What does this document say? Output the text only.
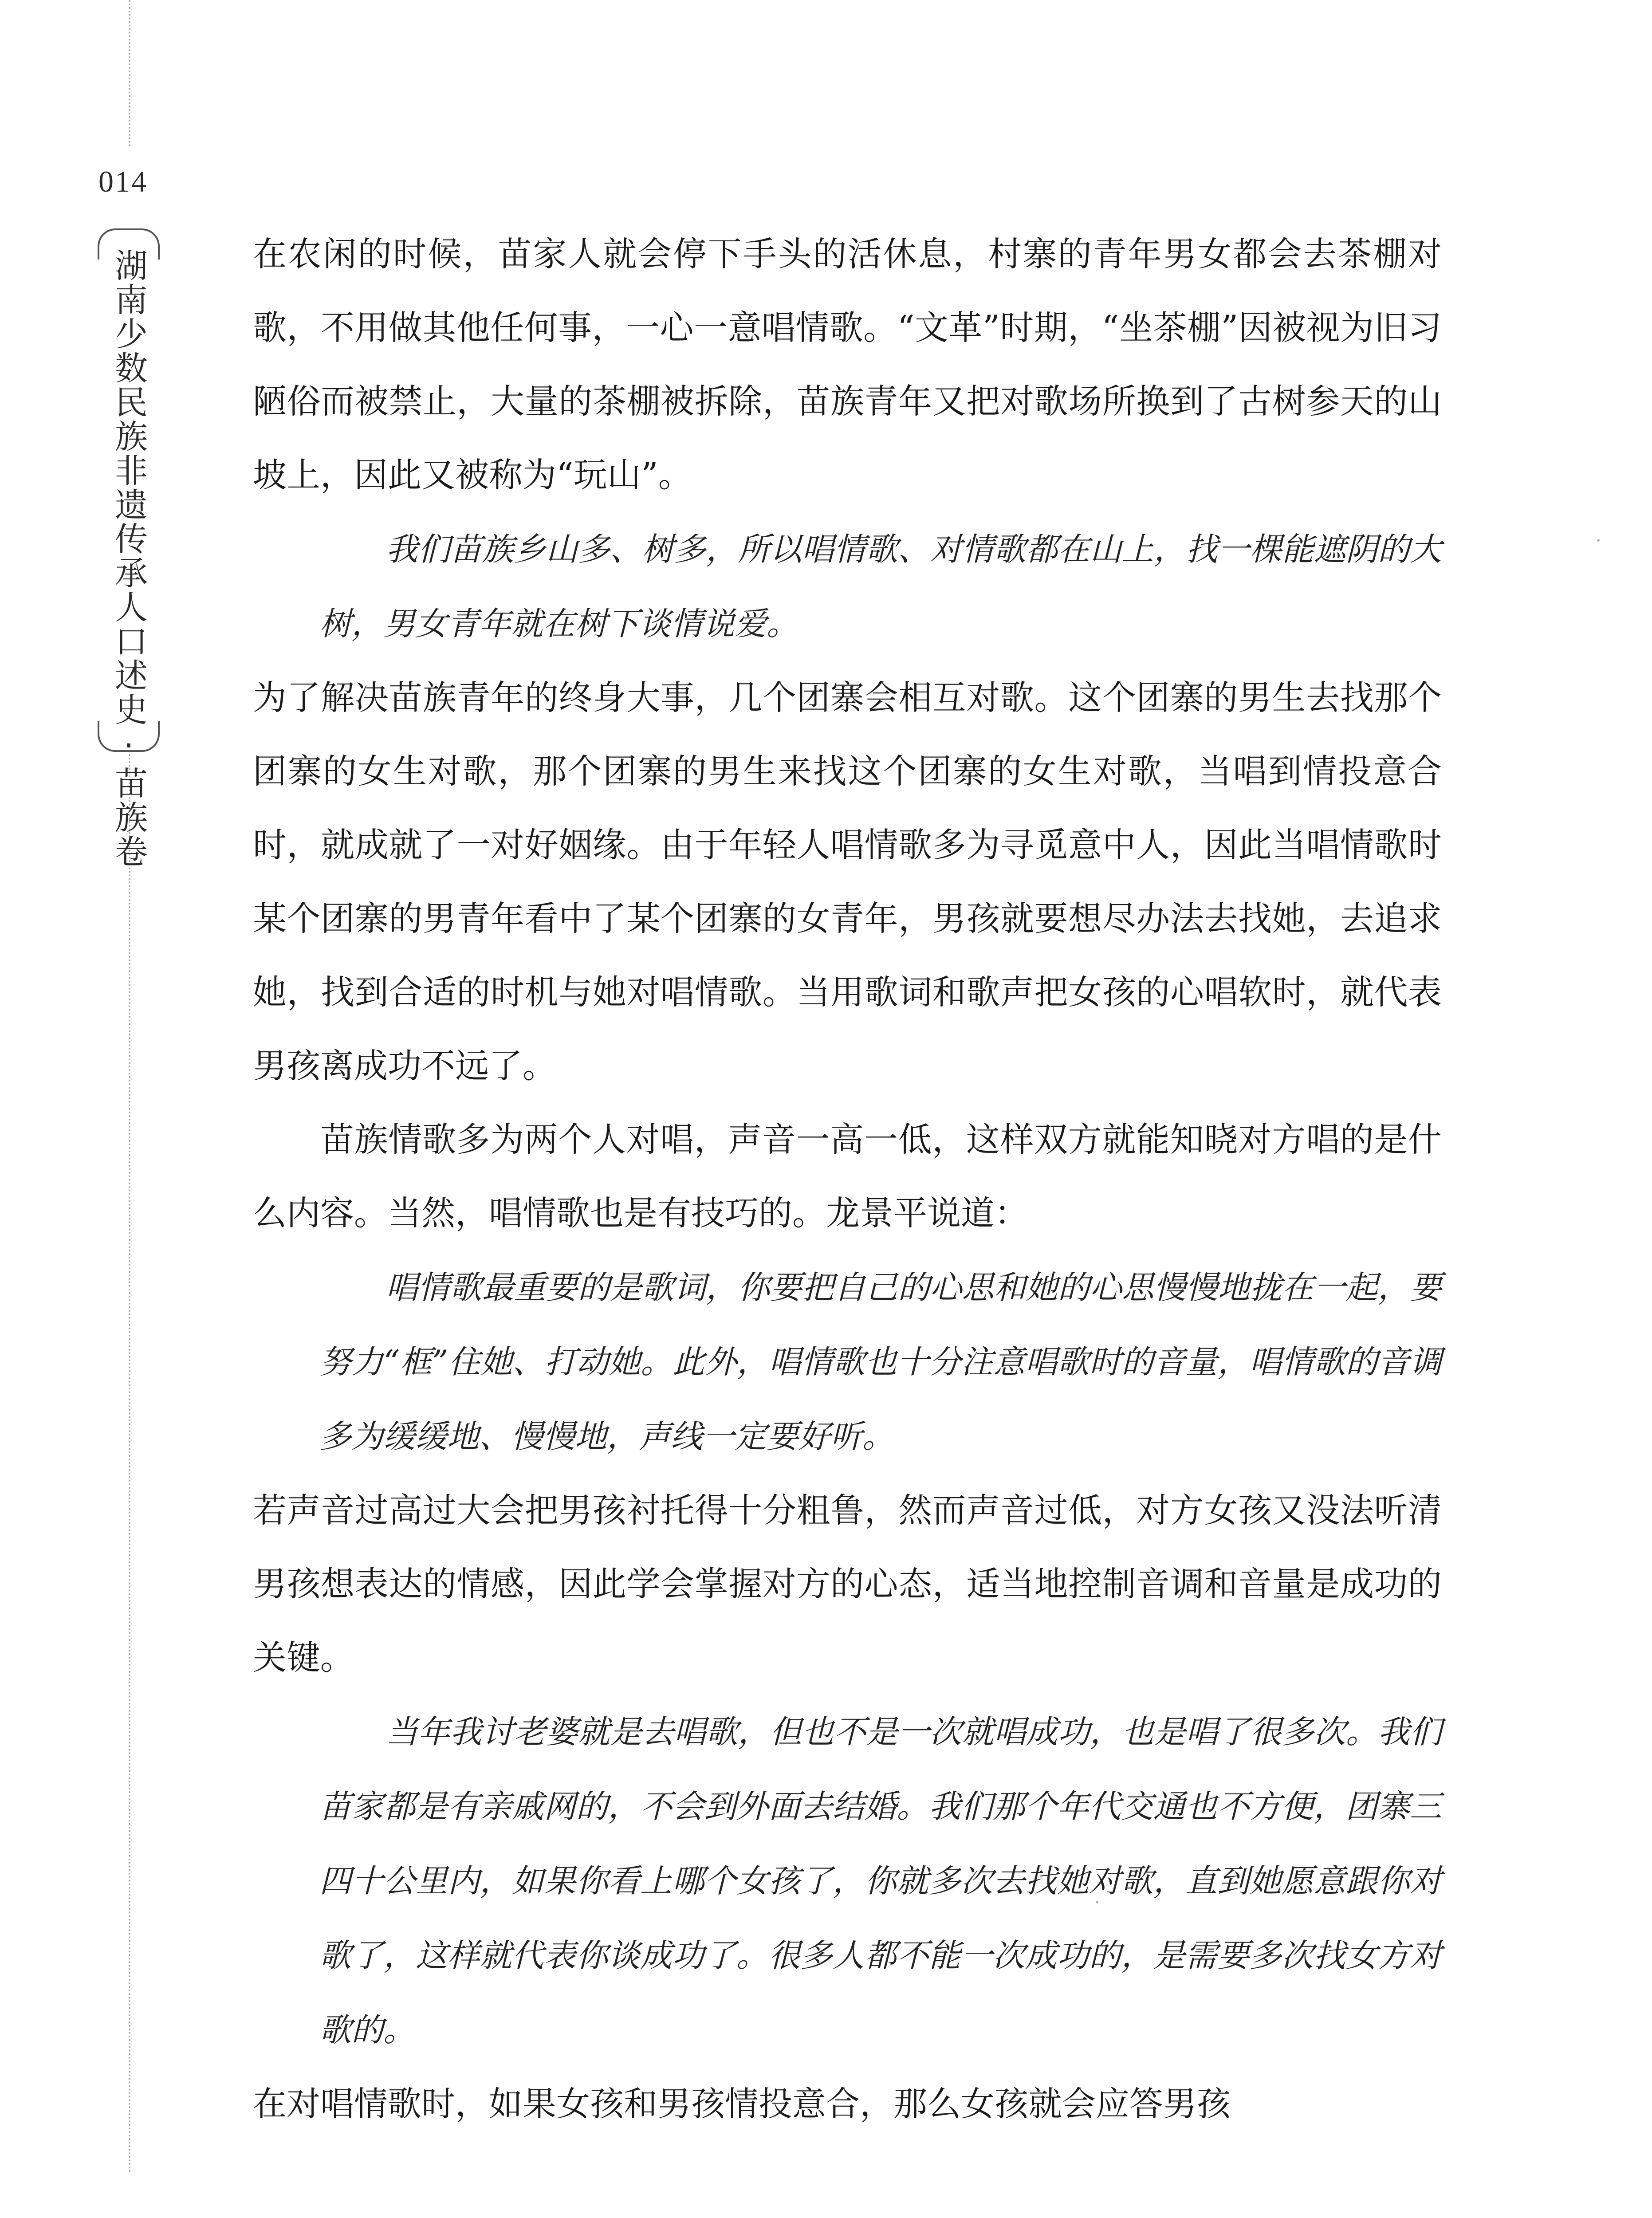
014
湖南少数民族非遗传承人口述史·苗族卷	在农闲的时候，苗家人就会停下手头的活休息，村寨的青年男女都会去茶棚对歌，不用做其他任何事，一心一意唱情歌。“文革”时期，“坐茶棚”因被视为旧习陋俗而被禁止，大量的茶棚被拆除，苗族青年又把对歌场所换到了古树参天的山坡上，因此又被称为“玩山”。

我们苗族乡山多、树多，所以唱情歌、对情歌都在山上，找一棵能遮阴的大树，男女青年就在树下谈情说爱。

为了解决苗族青年的终身大事，几个团寨会相互对歌。这个团寨的男生去找那个团寨的女生对歌，那个团寨的男生来找这个团寨的女生对歌，当唱到情投意合时，就成就了一对好姻缘。由于年轻人唱情歌多为寻觅意中人，因此当唱情歌时某个团寨的男青年看中了某个团寨的女青年，男孩就要想尽办法去找她，去追求她，找到合适的时机与她对唱情歌。当用歌词和歌声把女孩的心唱软时，就代表男孩离成功不远了。

苗族情歌多为两个人对唱，声音一高一低，这样双方就能知晓对方唱的是什么内容。当然，唱情歌也是有技巧的。龙景平说道：

唱情歌最重要的是歌词，你要把自己的心思和她的心思慢慢地拢在一起，要努力“框”住她、打动她。此外，唱情歌也十分注意唱歌时的音量，唱情歌的音调多为缓缓地、慢慢地，声线一定要好听。

若声音过高过大会把男孩衬托得十分粗鲁，然而声音过低，对方女孩又没法听清男孩想表达的情感，因此学会掌握对方的心态，适当地控制音调和音量是成功的关键。

当年我讨老婆就是去唱歌，但也不是一次就唱成功，也是唱了很多次。我们苗家都是有亲戚网的，不会到外面去结婚。我们那个年代交通也不方便，团寨三四十公里内，如果你看上哪个女孩了，你就多次去找她对歌，直到她愿意跟你对歌了，这样就代表你谈成功了。很多人都不能一次成功的，是需要多次找女方对歌的。

在对唱情歌时，如果女孩和男孩情投意合，那么女孩就会应答男孩
